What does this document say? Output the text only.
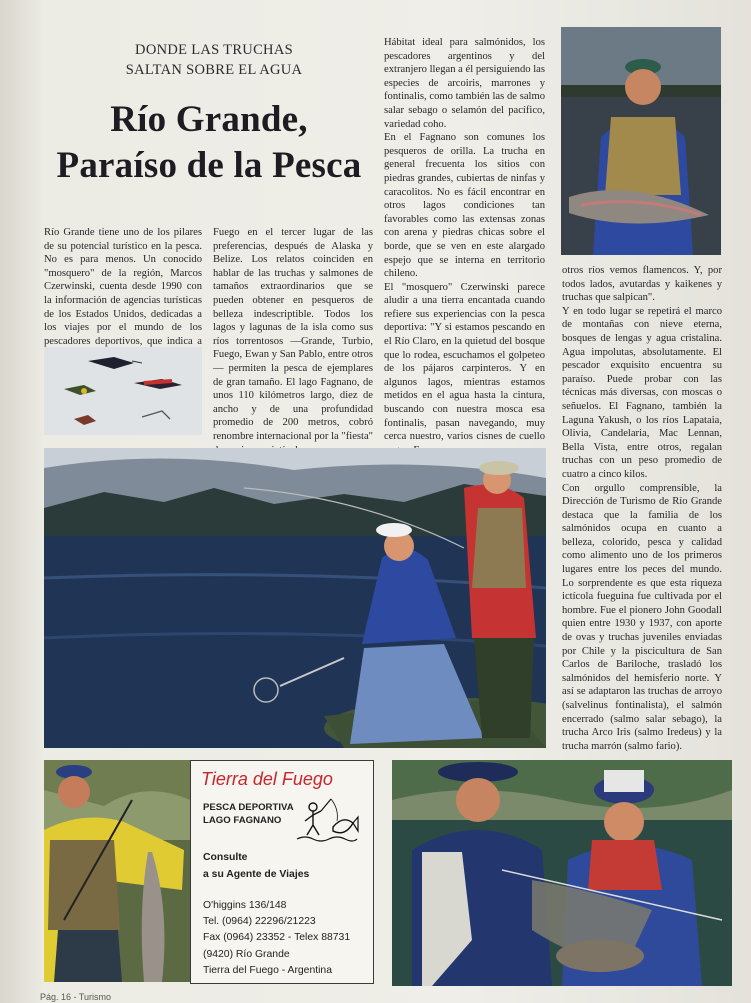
DONDE LAS TRUCHAS
SALTAN SOBRE EL AGUA
Río Grande,
Paraíso de la Pesca

Río Grande tiene uno de los pilares de su potencial turístico en la pesca. No es para menos. Un conocido "mosquero" de la región, Marcos Czerwinski, cuenta desde 1990 con la información de agencias turísticas de los Estados Unidos, dedicadas a los viajes por el mundo de los pescadores deportivos, que indica a

Fuego en el tercer lugar de las preferencias, después de Alaska y Belize. Los relatos coinciden en hablar de las truchas y salmones de tamaños extraordinarios que se pueden obtener en pesqueros de belleza indescriptible. Todos los lagos y lagunas de la isla como sus ríos torrentosos —Grande, Turbio, Fuego, Ewan y San Pablo, entre otros— permiten la pesca de ejemplares de gran tamaño. El lago Fagnano, de unos 110 kilómetros largo, diez de ancho y de una profundidad promedio de 200 metros, cobró renombre internacional por la "fiesta"

Hábitat ideal para salmónidos, los pescadores argentinos y del extranjero llegan a él persiguiendo las especies de arcoiris, marrones y fontinalis, como también las de salmo salar sebago o selamón del pacífico, variedad coho.
En el Fagnano son comunes los pesqueros de orilla. La trucha en general frecuenta los sitios con piedras grandes, cubiertas de ninfas y caracolitos. No es fácil encontrar en otros lagos condiciones tan favorables como las extensas zonas con arena y piedras chicas sobre el borde, que se ven en este alargado espejo que se interna en territorio chileno.
El "mosquero" Czerwinski parece aludir a una tierra encantada cuando refiere sus experiencias con la pesca deportiva: "Y si estamos pescando en el Río Claro, en la quietud del bosque que lo rodea, escuchamos el golpeteo de los pájaros carpinteros. Y en algunos lagos, mientras estamos metidos en el agua hasta la cintura, buscando con nuestra mosca esa fontinalis, pasan navegando, muy cerca nuestro, varios cisnes de cuello

otros ríos vemos flamencos. Y, por todos lados, avutardas y kaikenes y truchas que salpican".
Y en todo lugar se repetirá el marco de montañas con nieve eterna, bosques de lengas y agua cristalina. Agua impolutas, absolutamente. El pescador exquisito encuentra su paraíso. Puede probar con las técnicas más diversas, con moscas o señuelos. El Fagnano, también la Laguna Yakush, o los ríos Lapataia, Olivia, Candelaria, Mac Lennan, Bella Vista, entre otros, regalan truchas con un peso promedio de cuatro a cinco kilos.
Con orgullo comprensible, la Dirección de Turismo de Río Grande destaca que la familia de los salmónidos ocupa en cuanto a belleza, colorido, pesca y calidad como alimento uno de los primeros lugares entre los peces del mundo. Lo sorprendente es que esta riqueza ictícola fueguina fue cultivada por el hombre. Fue el pionero John Goodall quien entre 1930 y 1937, con aporte de ovas y truchas juveniles enviadas por Chile y la piscicultura de San Carlos de Bariloche, trasladó los salmónidos del hemisferio norte. Y así se adaptaron las truchas de arroyo (salvelinus fontinalista), el salmón encerrado (salmo salar sebago), la trucha Arco Iris (salmo Iredeus) y la trucha marrón (salmo fario).

Tierra del Fuego
PESCA DEPORTIVA
LAGO FAGNANO
Consulte
a su Agente de Viajes
O'higgins 136/148
Tel. (0964) 22296/21223
Fax (0964) 23352 - Telex 88731
(9420) Río Grande
Tierra del Fuego - Argentina
Pág. 16 - Turismo
